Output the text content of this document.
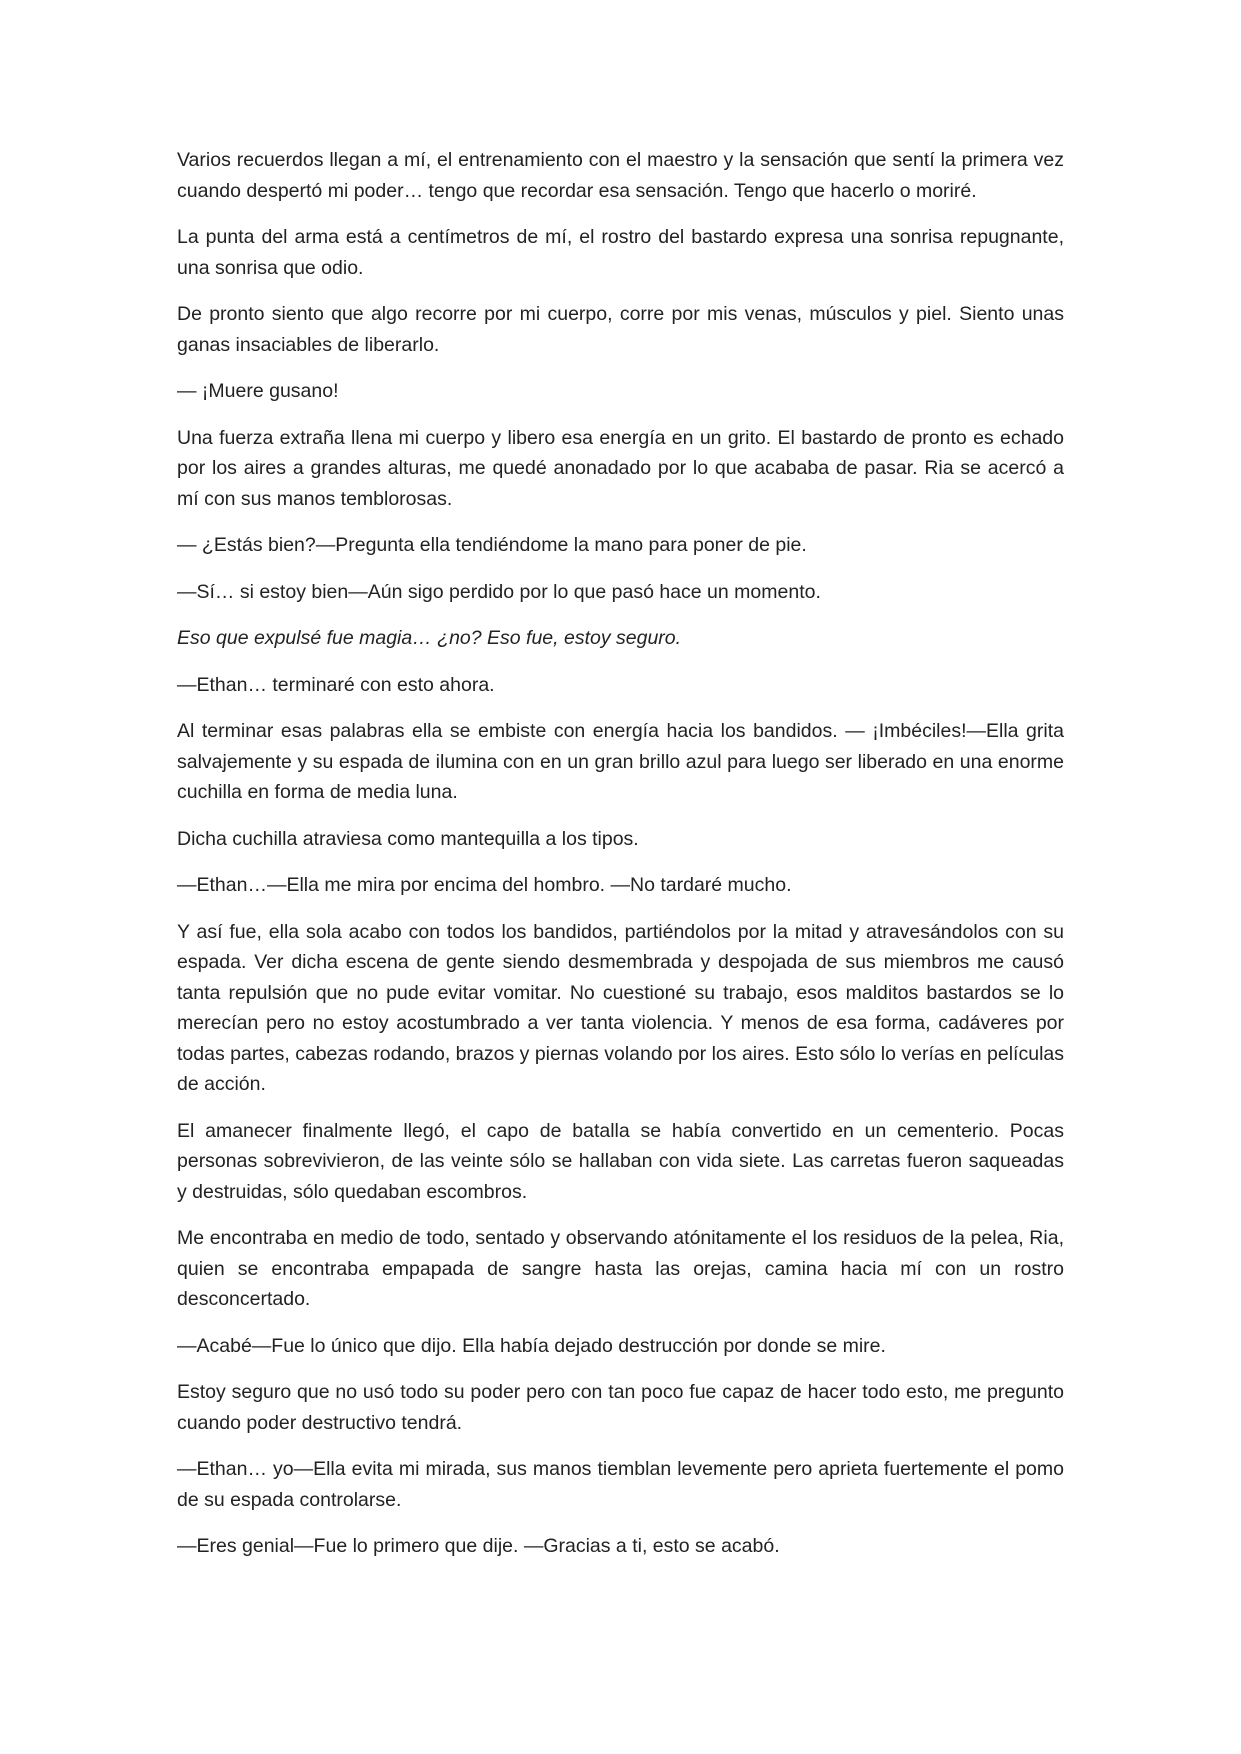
Varios recuerdos llegan a mí, el entrenamiento con el maestro y la sensación que sentí la primera vez cuando despertó mi poder… tengo que recordar esa sensación. Tengo que hacerlo o moriré.

La punta del arma está a centímetros de mí, el rostro del bastardo expresa una sonrisa repugnante, una sonrisa que odio.

De pronto siento que algo recorre por mi cuerpo, corre por mis venas, músculos y piel. Siento unas ganas insaciables de liberarlo.

— ¡Muere gusano!

Una fuerza extraña llena mi cuerpo y libero esa energía en un grito. El bastardo de pronto es echado por los aires a grandes alturas, me quedé anonadado por lo que acababa de pasar. Ria se acercó a mí con sus manos temblorosas.

— ¿Estás bien?—Pregunta ella tendiéndome la mano para poner de pie.

—Sí… si estoy bien—Aún sigo perdido por lo que pasó hace un momento.

Eso que expulsé fue magia… ¿no? Eso fue, estoy seguro.

—Ethan… terminaré con esto ahora.

Al terminar esas palabras ella se embiste con energía hacia los bandidos. — ¡Imbéciles!—Ella grita salvajemente y su espada de ilumina con en un gran brillo azul para luego ser liberado en una enorme cuchilla en forma de media luna.

Dicha cuchilla atraviesa como mantequilla a los tipos.

—Ethan…—Ella me mira por encima del hombro. —No tardaré mucho.

Y así fue, ella sola acabo con todos los bandidos, partiéndolos por la mitad y atravesándolos con su espada. Ver dicha escena de gente siendo desmembrada y despojada de sus miembros me causó tanta repulsión que no pude evitar vomitar. No cuestioné su trabajo, esos malditos bastardos se lo merecían pero no estoy acostumbrado a ver tanta violencia. Y menos de esa forma, cadáveres por todas partes, cabezas rodando, brazos y piernas volando por los aires. Esto sólo lo verías en películas de acción.

El amanecer finalmente llegó, el capo de batalla se había convertido en un cementerio. Pocas personas sobrevivieron, de las veinte sólo se hallaban con vida siete. Las carretas fueron saqueadas y destruidas, sólo quedaban escombros.

Me encontraba en medio de todo, sentado y observando atónitamente el los residuos de la pelea, Ria, quien se encontraba empapada de sangre hasta las orejas, camina hacia mí con un rostro desconcertado.

—Acabé—Fue lo único que dijo. Ella había dejado destrucción por donde se mire.

Estoy seguro que no usó todo su poder pero con tan poco fue capaz de hacer todo esto, me pregunto cuando poder destructivo tendrá.

—Ethan… yo—Ella evita mi mirada, sus manos tiemblan levemente pero aprieta fuertemente el pomo de su espada controlarse.

—Eres genial—Fue lo primero que dije. —Gracias a ti, esto se acabó.
